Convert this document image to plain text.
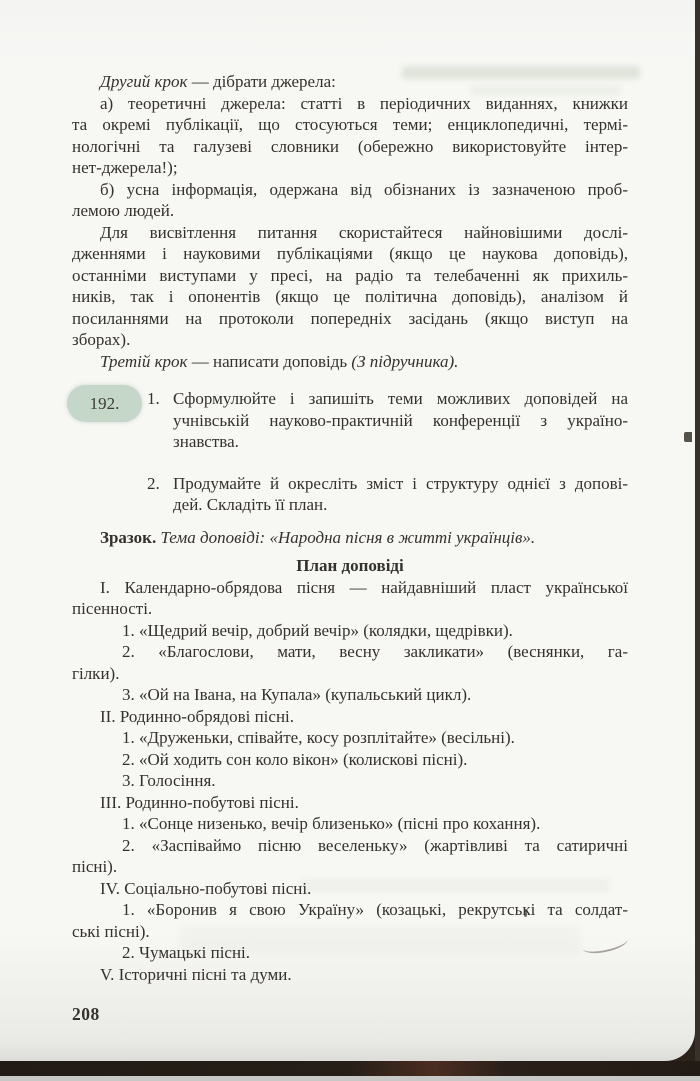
Другий крок — дібрати джерела:
а) теоретичні джерела: статті в періодичних виданнях, книжки
та окремі публікації, що стосуються теми; енциклопедичні, термі-
нологічні та галузеві словники (обережно використовуйте інтер-
нет-джерела!);
б) усна інформація, одержана від обізнаних із зазначеною проб-
лемою людей.
Для висвітлення питання скористайтеся найновішими дослі-
дженнями і науковими публікаціями (якщо це наукова доповідь),
останніми виступами у пресі, на радіо та телебаченні як прихиль-
ників, так і опонентів (якщо це політична доповідь), аналізом й
посиланнями на протоколи попередніх засідань (якщо виступ на
зборах).
Третій крок — написати доповідь (З підручника).
192.	1. Сформулюйте і запишіть теми можливих доповідей на
учнівській науково-практичній конференції з україно-
знавства.
2. Продумайте й окресліть зміст і структуру однієї з допові-
дей. Складіть її план.
Зразок. Тема доповіді: «Народна пісня в житті українців».
План доповіді
І. Календарно-обрядова пісня — найдавніший пласт української
пісенності.
1. «Щедрий вечір, добрий вечір» (колядки, щедрівки).
2. «Благослови, мати, весну закликати» (веснянки, га-
гілки).
3. «Ой на Івана, на Купала» (купальський цикл).
ІІ. Родинно-обрядові пісні.
1. «Друженьки, співайте, косу розплітайте» (весільні).
2. «Ой ходить сон коло вікон» (колискові пісні).
3. Голосіння.
ІІІ. Родинно-побутові пісні.
1. «Сонце низенько, вечір близенько» (пісні про кохання).
2. «Заспіваймо пісню веселеньку» (жартівливі та сатиричні
пісні).
IV. Соціально-побутові пісні.
1. «Боронив я свою Україну» (козацькі, рекрутські та солдат-
ські пісні).
2. Чумацькі пісні.
V. Історичні пісні та думи.
208
